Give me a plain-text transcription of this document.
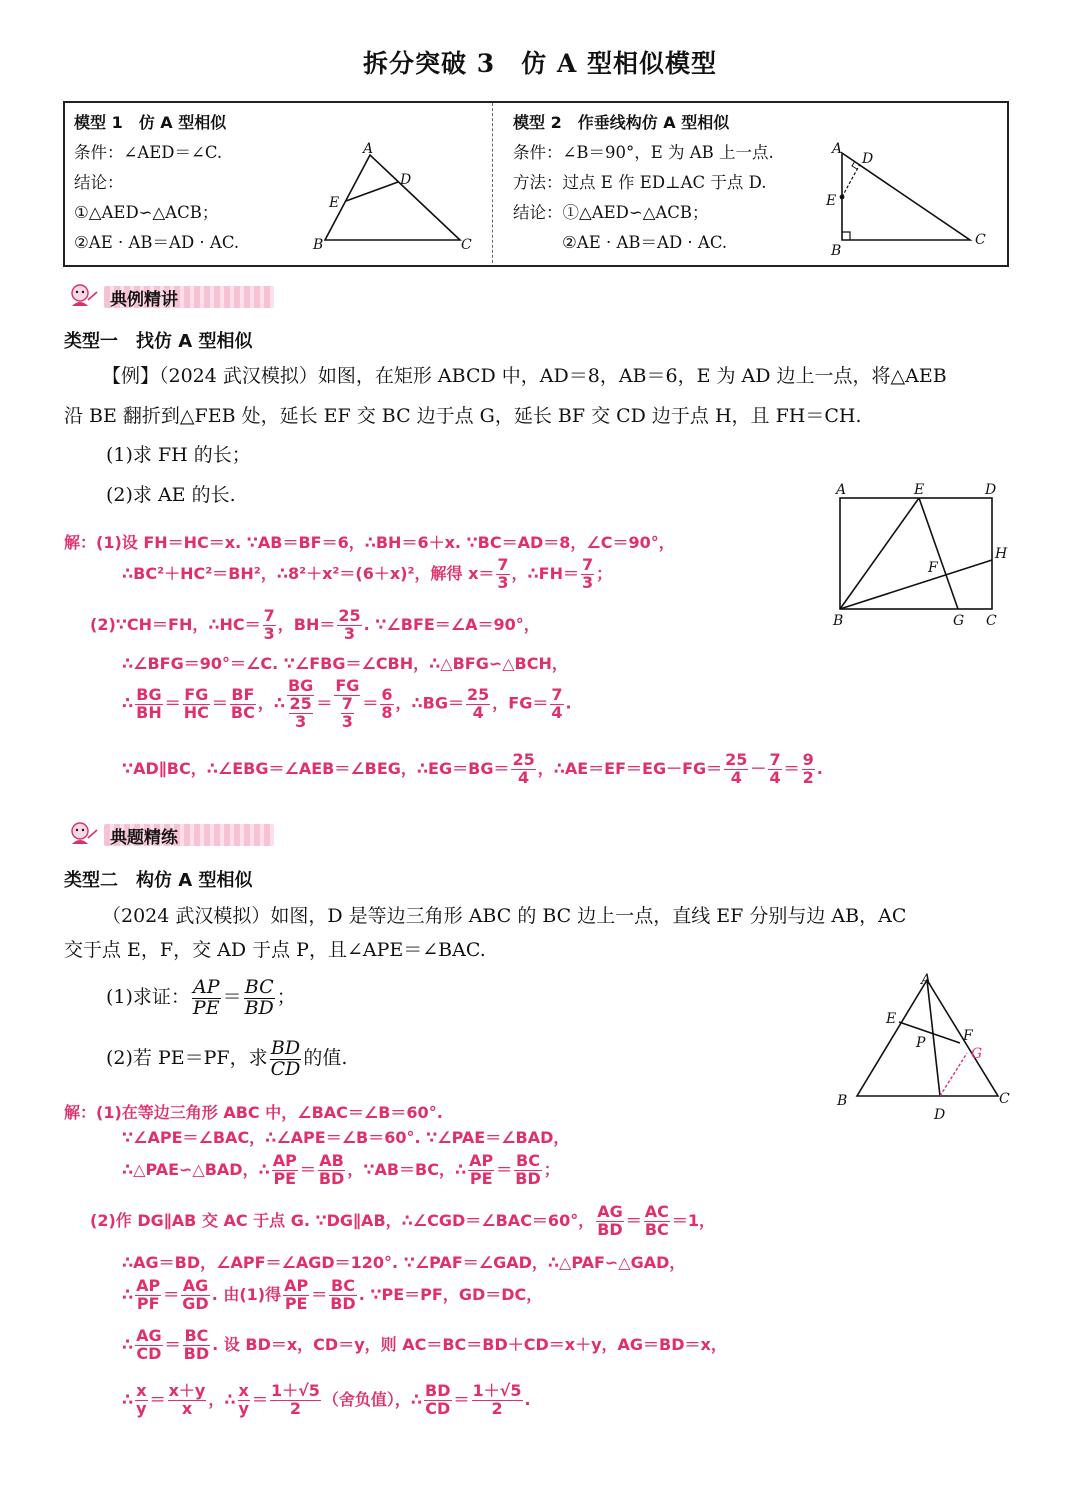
拆分突破 3　仿 A 型相似模型
模型 1　仿 A 型相似
条件：∠AED＝∠C.
结论：
①△AED∽△ACB；
②AE · AB＝AD · AC.
A
D
E
B	C
模型 2　作垂线构仿 A 型相似
条件：∠B＝90°，E 为 AB 上一点.
方法：过点 E 作 ED⊥AC 于点 D.
结论：①△AED∽△ACB；
②AE · AB＝AD · AC.
A
D
E
B
C
典例精讲
类型一　找仿 A 型相似
【例】（2024 武汉模拟）如图，在矩形 ABCD 中，AD＝8，AB＝6，E 为 AD 边上一点，将△AEB
沿 BE 翻折到△FEB 处，延长 EF 交 BC 边于点 G，延长 BF 交 CD 边于点 H，且 FH＝CH.
(1)求 FH 的长；
(2)求 AE 的长.	A	E	D
H
F
B	G C
解：(1)设 FH＝HC＝x. ∵AB＝BF＝6，∴BH＝6＋x. ∵BC＝AD＝8，∠C＝90°，
∴BC²＋HC²＝BH²，∴8²＋x²＝(6＋x)²，解得 $x= \frac{7}{3}$ ，∴FH＝ $\frac{7}{3}$ ；
(2)∵CH＝FH，∴HC＝ $\frac{7}{3}$ ，$BH= \frac{25}{3}$ . ∵∠BFE＝∠A＝90°，
∴∠BFG＝90°＝∠C. ∵∠FBG＝∠CBH，∴△BFG∽△BCH，
∴ $\frac{BG}{BH} = \frac{FG}{HC} = \frac{BF}{BC}$ ，∴ $\frac{BG}{\frac{25}{3}} = \frac{FG}{\frac{7}{3}} = \frac{6}{8}$ ，∴BG＝ $\frac{25}{4}$ ，$FG= \frac{7}{4}$ .
∵AD∥BC，∴∠EBG＝∠AEB＝∠BEG，∴EG＝BG＝ $\frac{25}{4}$ ，∴AE＝EF＝EG－FG＝ $\frac{25}{4} - \frac{7}{4} = \frac{9}{2}$ .
典题精练
类型二　构仿 A 型相似
（2024 武汉模拟）如图，D 是等边三角形 ABC 的 BC 边上一点，直线 EF 分别与边 AB，AC
交于点 E，F，交 AD 于点 P，且∠APE＝∠BAC.
(1)求证： $\frac{AP}{PE} = \frac{BC}{BD}$ ；
(2)若 PE＝PF，求 $\frac{BD}{CD}$ 的值.
A
E
P	F
G
B
D
C
解：(1)在等边三角形 ABC 中，∠BAC＝∠B＝60°.
∵∠APE＝∠BAC，∴∠APE＝∠B＝60°. ∵∠PAE＝∠BAD，
∴△PAE∽△BAD，∴ $\frac{AP}{PE} = \frac{AB}{BD}$ ，∵AB＝BC，∴ $\frac{AP}{PE} = \frac{BC}{BD}$ ；
(2)作 DG∥AB 交 AC 于点 G. ∵DG∥AB，∴∠CGD＝∠BAC＝60°， $\frac{AG}{BD} = \frac{AC}{BC} =1$，
∴AG＝BD，∠APF＝∠AGD＝120°. ∵∠PAF＝∠GAD，∴△PAF∽△GAD，
∴ $\frac{AP}{PF} = \frac{AG}{GD}$ . 由(1)得 $\frac{AP}{PE} = \frac{BC}{BD}$ . ∵PE＝PF，GD＝DC，
∴ $\frac{AG}{CD} = \frac{BC}{BD}$ . 设 BD＝x，CD＝y，则 AC＝BC＝BD＋CD＝x＋y，AG＝BD＝x，
∴ $\frac{x}{y} = \frac{x+y}{x}$ ，∴ $\frac{x}{y} = \frac{1+√5}{2}$ （舍负值），∴ $\frac{BD}{CD} = \frac{1+√5}{2}$ .
